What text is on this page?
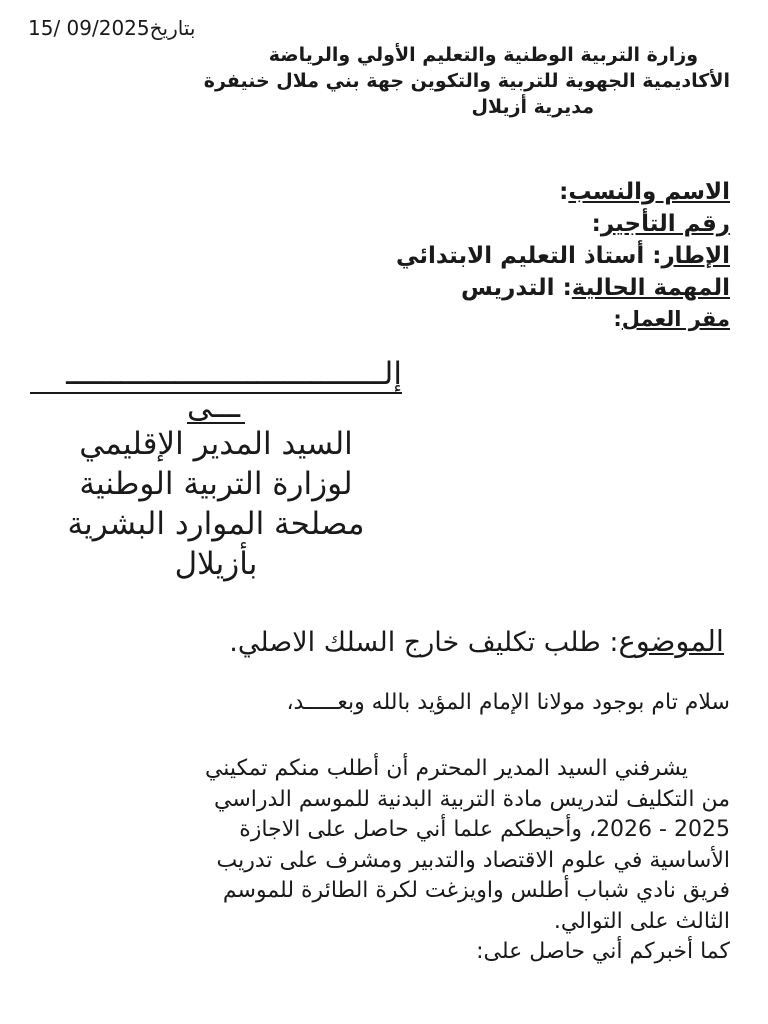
15/ 09/2025بتاريخ
وزارة التربية الوطنية والتعليم الأولي والرياضة
الأكاديمية الجهوية للتربية والتكوين جهة بني ملال خنيفرة
مديرية أزيلال
الاسم والنسب:
رقم التأجير:
الإطار: أستاذ التعليم الابتدائي
المهمة الحالية: التدريس
مقر العمل:
إلـــــــــــــــــــــــــــــــــــ
ـــى
السيد المدير الإقليمي
لوزارة التربية الوطنية
مصلحة الموارد البشرية
بأزيلال
الموضوع: طلب تكليف خارج السلك الاصلي.
سلام تام بوجود مولانا الإمام المؤيد بالله وبعـــــد،
يشرفني السيد المدير المحترم أن أطلب منكم تمكيني
من التكليف لتدريس مادة التربية البدنية للموسم الدراسي
2025 - 2026، وأحيطكم علما أني حاصل على الاجازة
الأساسية في علوم الاقتصاد والتدبير ومشرف على تدريب
فريق نادي شباب أطلس واويزغت لكرة الطائرة للموسم
الثالث على التوالي.
كما أخبركم أني حاصل على:
